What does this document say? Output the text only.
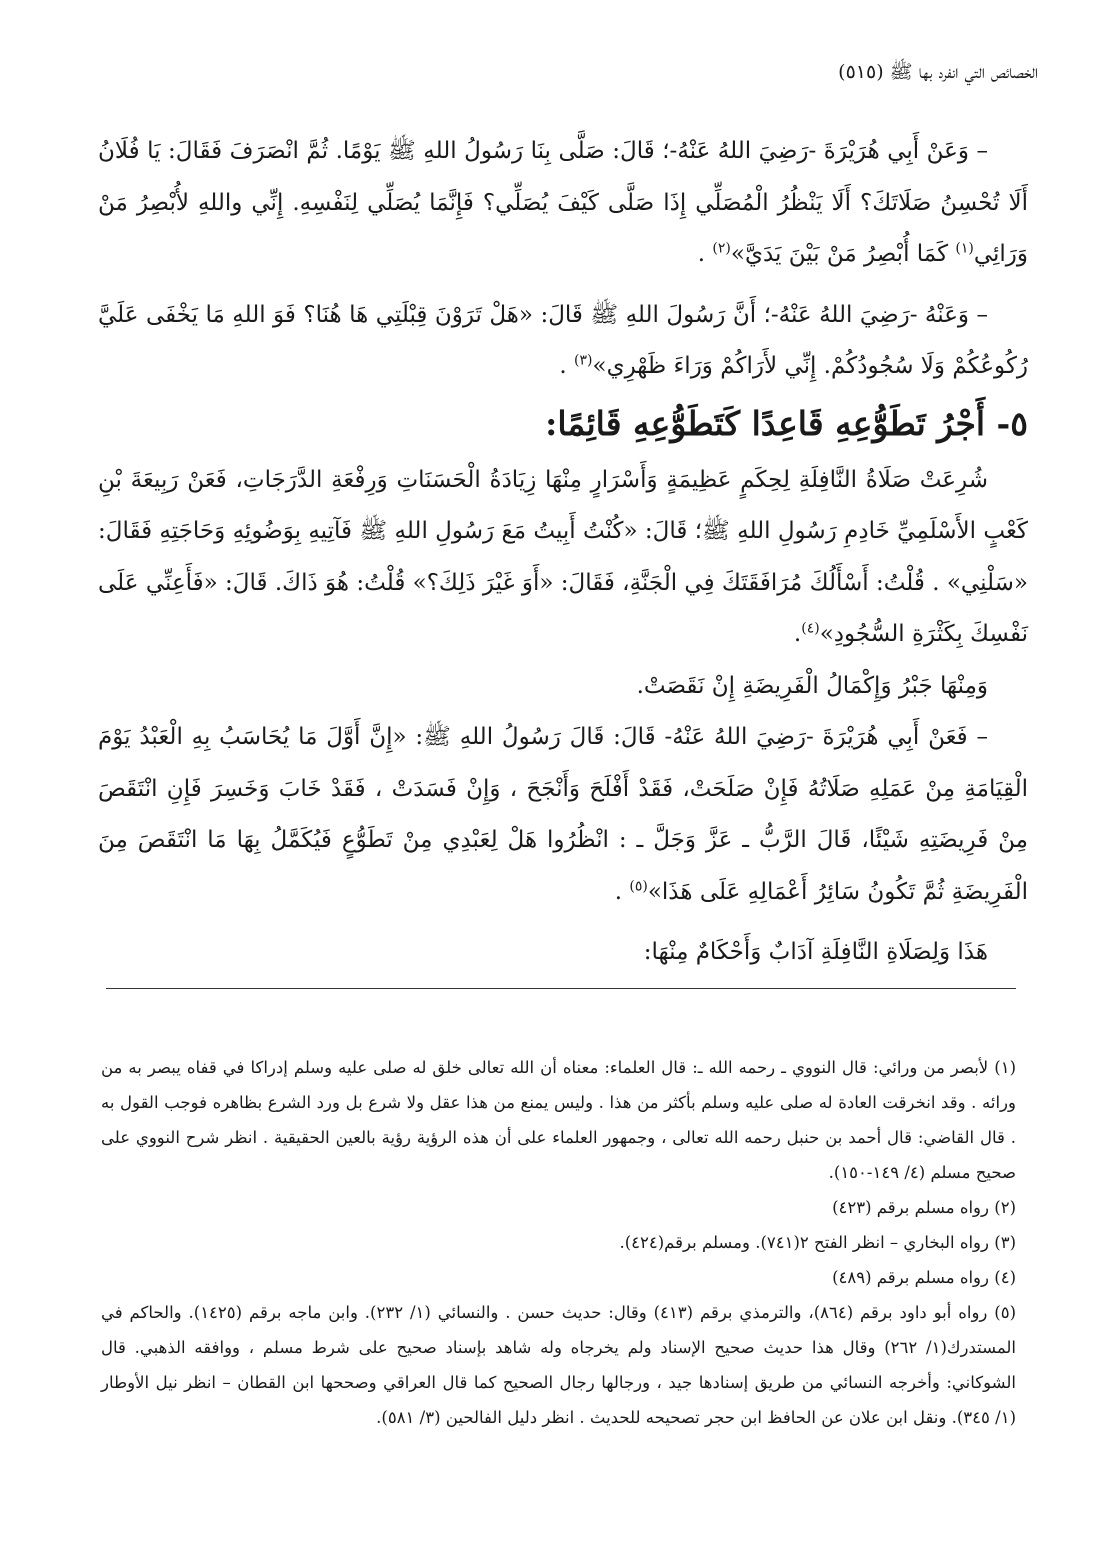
الخصائص التي انفرد بها ﷺ (٥١٥)

– وَعَنْ أَبِي هُرَيْرَةَ -رَضِيَ اللهُ عَنْهُ-؛ قَالَ: صَلَّى بِنَا رَسُولُ اللهِ ﷺ يَوْمًا. ثُمَّ انْصَرَفَ فَقَالَ: يَا فُلَانُ أَلَا تُحْسِنُ صَلَاتَكَ؟ أَلَا يَنْظُرُ الْمُصَلِّي إِذَا صَلَّى كَيْفَ يُصَلِّي؟ فَإِنَّمَا يُصَلِّي لِنَفْسِهِ. إِنِّي واللهِ لأُبْصِرُ مَنْ وَرَائِي$^{(١)}$ كَمَا أُبْصِرُ مَنْ بَيْنَ يَدَيَّ»$^{(٢)}$ .

– وَعَنْهُ -رَضِيَ اللهُ عَنْهُ-؛ أَنَّ رَسُولَ اللهِ ﷺ قَالَ: «هَلْ تَرَوْنَ قِبْلَتِي هَا هُنَا؟ فَوَ اللهِ مَا يَخْفَى عَلَيَّ رُكُوعُكُمْ وَلَا سُجُودُكُمْ. إِنِّي لأَرَاكُمْ وَرَاءَ ظَهْرِي»$^{(٣)}$ .

٥- أَجْرُ تَطَوُّعِهِ قَاعِدًا كَتَطَوُّعِهِ قَائِمًا:

شُرِعَتْ صَلَاةُ النَّافِلَةِ لِحِكَمٍ عَظِيمَةٍ وَأَسْرَارٍ مِنْهَا زِيَادَةُ الْحَسَنَاتِ وَرِفْعَةِ الدَّرَجَاتِ، فَعَنْ رَبِيعَةَ بْنِ كَعْبٍ الأَسْلَمِيِّ خَادِمِ رَسُولِ اللهِ ﷺ؛ قَالَ: «كُنْتُ أَبِيتُ مَعَ رَسُولِ اللهِ ﷺ فَآتِيهِ بِوَضُوئِهِ وَحَاجَتِهِ فَقَالَ: «سَلْنِي» . قُلْتُ: أَسْأَلُكَ مُرَافَقَتَكَ فِي الْجَنَّةِ، فَقَالَ: «أَوَ غَيْرَ ذَلِكَ؟» قُلْتُ: هُوَ ذَاكَ. قَالَ: «فَأَعِنِّي عَلَى نَفْسِكَ بِكَثْرَةِ السُّجُودِ»$^{(٤)}$.

وَمِنْهَا جَبْرُ وَإِكْمَالُ الْفَرِيضَةِ إِنْ نَقَصَتْ.

– فَعَنْ أَبِي هُرَيْرَةَ -رَضِيَ اللهُ عَنْهُ- قَالَ: قَالَ رَسُولُ اللهِ ﷺ: «إِنَّ أَوَّلَ مَا يُحَاسَبُ بِهِ الْعَبْدُ يَوْمَ الْقِيَامَةِ مِنْ عَمَلِهِ صَلَاتُهُ فَإِنْ صَلَحَتْ، فَقَدْ أَفْلَحَ وَأَنْجَحَ ، وَإِنْ فَسَدَتْ ، فَقَدْ خَابَ وَخَسِرَ فَإِنِ انْتَقَصَ مِنْ فَرِيضَتِهِ شَيْئًا، قَالَ الرَّبُّ ـ عَزَّ وَجَلَّ ـ : انْظُرُوا هَلْ لِعَبْدِي مِنْ تَطَوُّعٍ فَيُكَمَّلُ بِهَا مَا انْتَقَصَ مِنَ الْفَرِيضَةِ ثُمَّ تَكُونُ سَائِرُ أَعْمَالِهِ عَلَى هَذَا»$^{(٥)}$ .

هَذَا وَلِصَلَاةِ النَّافِلَةِ آدَابٌ وَأَحْكَامٌ مِنْهَا:

(١) لأبصر من ورائي: قال النووي ـ رحمه الله ـ: قال العلماء: معناه أن الله تعالى خلق له صلى عليه وسلم إدراكا في قفاه يبصر به من ورائه . وقد انخرقت العادة له صلى عليه وسلم بأكثر من هذا . وليس يمنع من هذا عقل ولا شرع بل ورد الشرع بظاهره فوجب القول به . قال القاضي: قال أحمد بن حنبل رحمه الله تعالى ، وجمهور العلماء على أن هذه الرؤية رؤية بالعين الحقيقية . انظر شرح النووي على صحيح مسلم (٤/ ١٤٩-١٥٠).

(٢) رواه مسلم برقم (٤٢٣)

(٣) رواه البخاري – انظر الفتح ٢(٧٤١). ومسلم برقم(٤٢٤).

(٤) رواه مسلم برقم (٤٨٩)

(٥) رواه أبو داود برقم (٨٦٤)، والترمذي برقم (٤١٣) وقال: حديث حسن . والنسائي (١/ ٢٣٢). وابن ماجه برقم (١٤٢٥). والحاكم في المستدرك(١/ ٢٦٢) وقال هذا حديث صحيح الإسناد ولم يخرجاه وله شاهد بإسناد صحيح على شرط مسلم ، ووافقه الذهبي. قال الشوكاني: وأخرجه النسائي من طريق إسنادها جيد ، ورجالها رجال الصحيح كما قال العراقي وصححها ابن القطان – انظر نيل الأوطار (١/ ٣٤٥). ونقل ابن علان عن الحافظ ابن حجر تصحيحه للحديث . انظر دليل الفالحين (٣/ ٥٨١).
